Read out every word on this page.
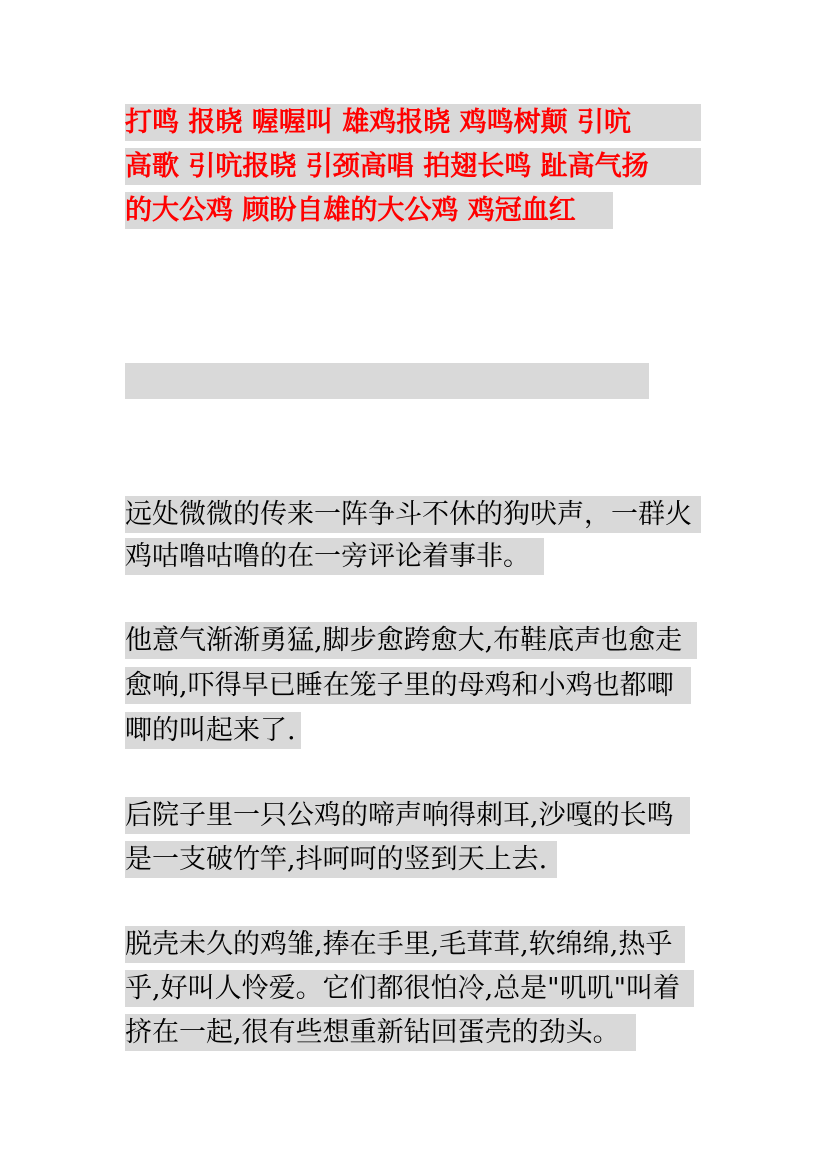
打鸣 报晓 喔喔叫 雄鸡报晓 鸡鸣树颠 引吭
高歌 引吭报晓 引颈高唱 拍翅长鸣 趾高气扬
的大公鸡 顾盼自雄的大公鸡 鸡冠血红
远处微微的传来一阵争斗不休的狗吠声，一群火
鸡咕噜咕噜的在一旁评论着事非。
他意气渐渐勇猛,脚步愈跨愈大,布鞋底声也愈走
愈响,吓得早已睡在笼子里的母鸡和小鸡也都唧
唧的叫起来了.
后院子里一只公鸡的啼声响得刺耳,沙嘎的长鸣
是一支破竹竿,抖呵呵的竖到天上去.
脱壳未久的鸡雏,捧在手里,毛茸茸,软绵绵,热乎
乎,好叫人怜爱。它们都很怕冷,总是"叽叽"叫着
挤在一起,很有些想重新钻回蛋壳的劲头。
